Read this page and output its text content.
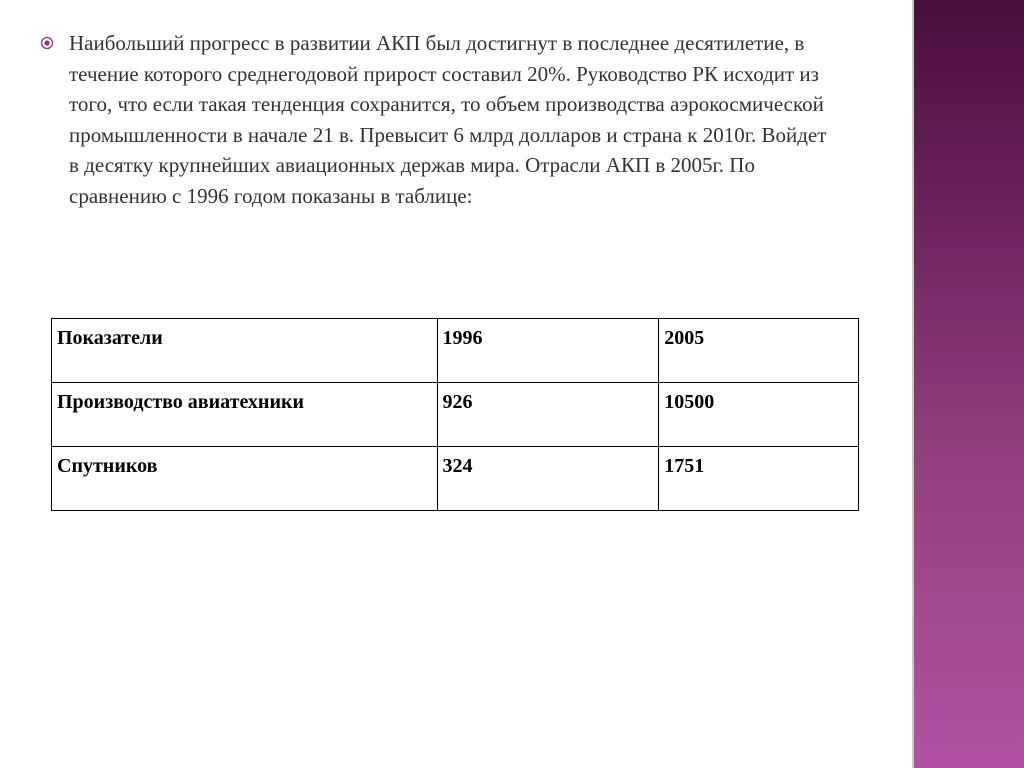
Наибольший прогресс в развитии АКП был достигнут в последнее десятилетие, в течение которого среднегодовой прирост составил 20%. Руководство РК исходит из того, что если такая тенденция сохранится, то объем производства аэрокосмической промышленности в начале 21 в. Превысит 6 млрд долларов и страна к 2010г. Войдет в десятку крупнейших авиационных держав мира. Отрасли АКП в 2005г. По сравнению с 1996 годом показаны в таблице:

Показатели	1996	2005
Производство авиатехники	926	10500
Спутников	324	1751
